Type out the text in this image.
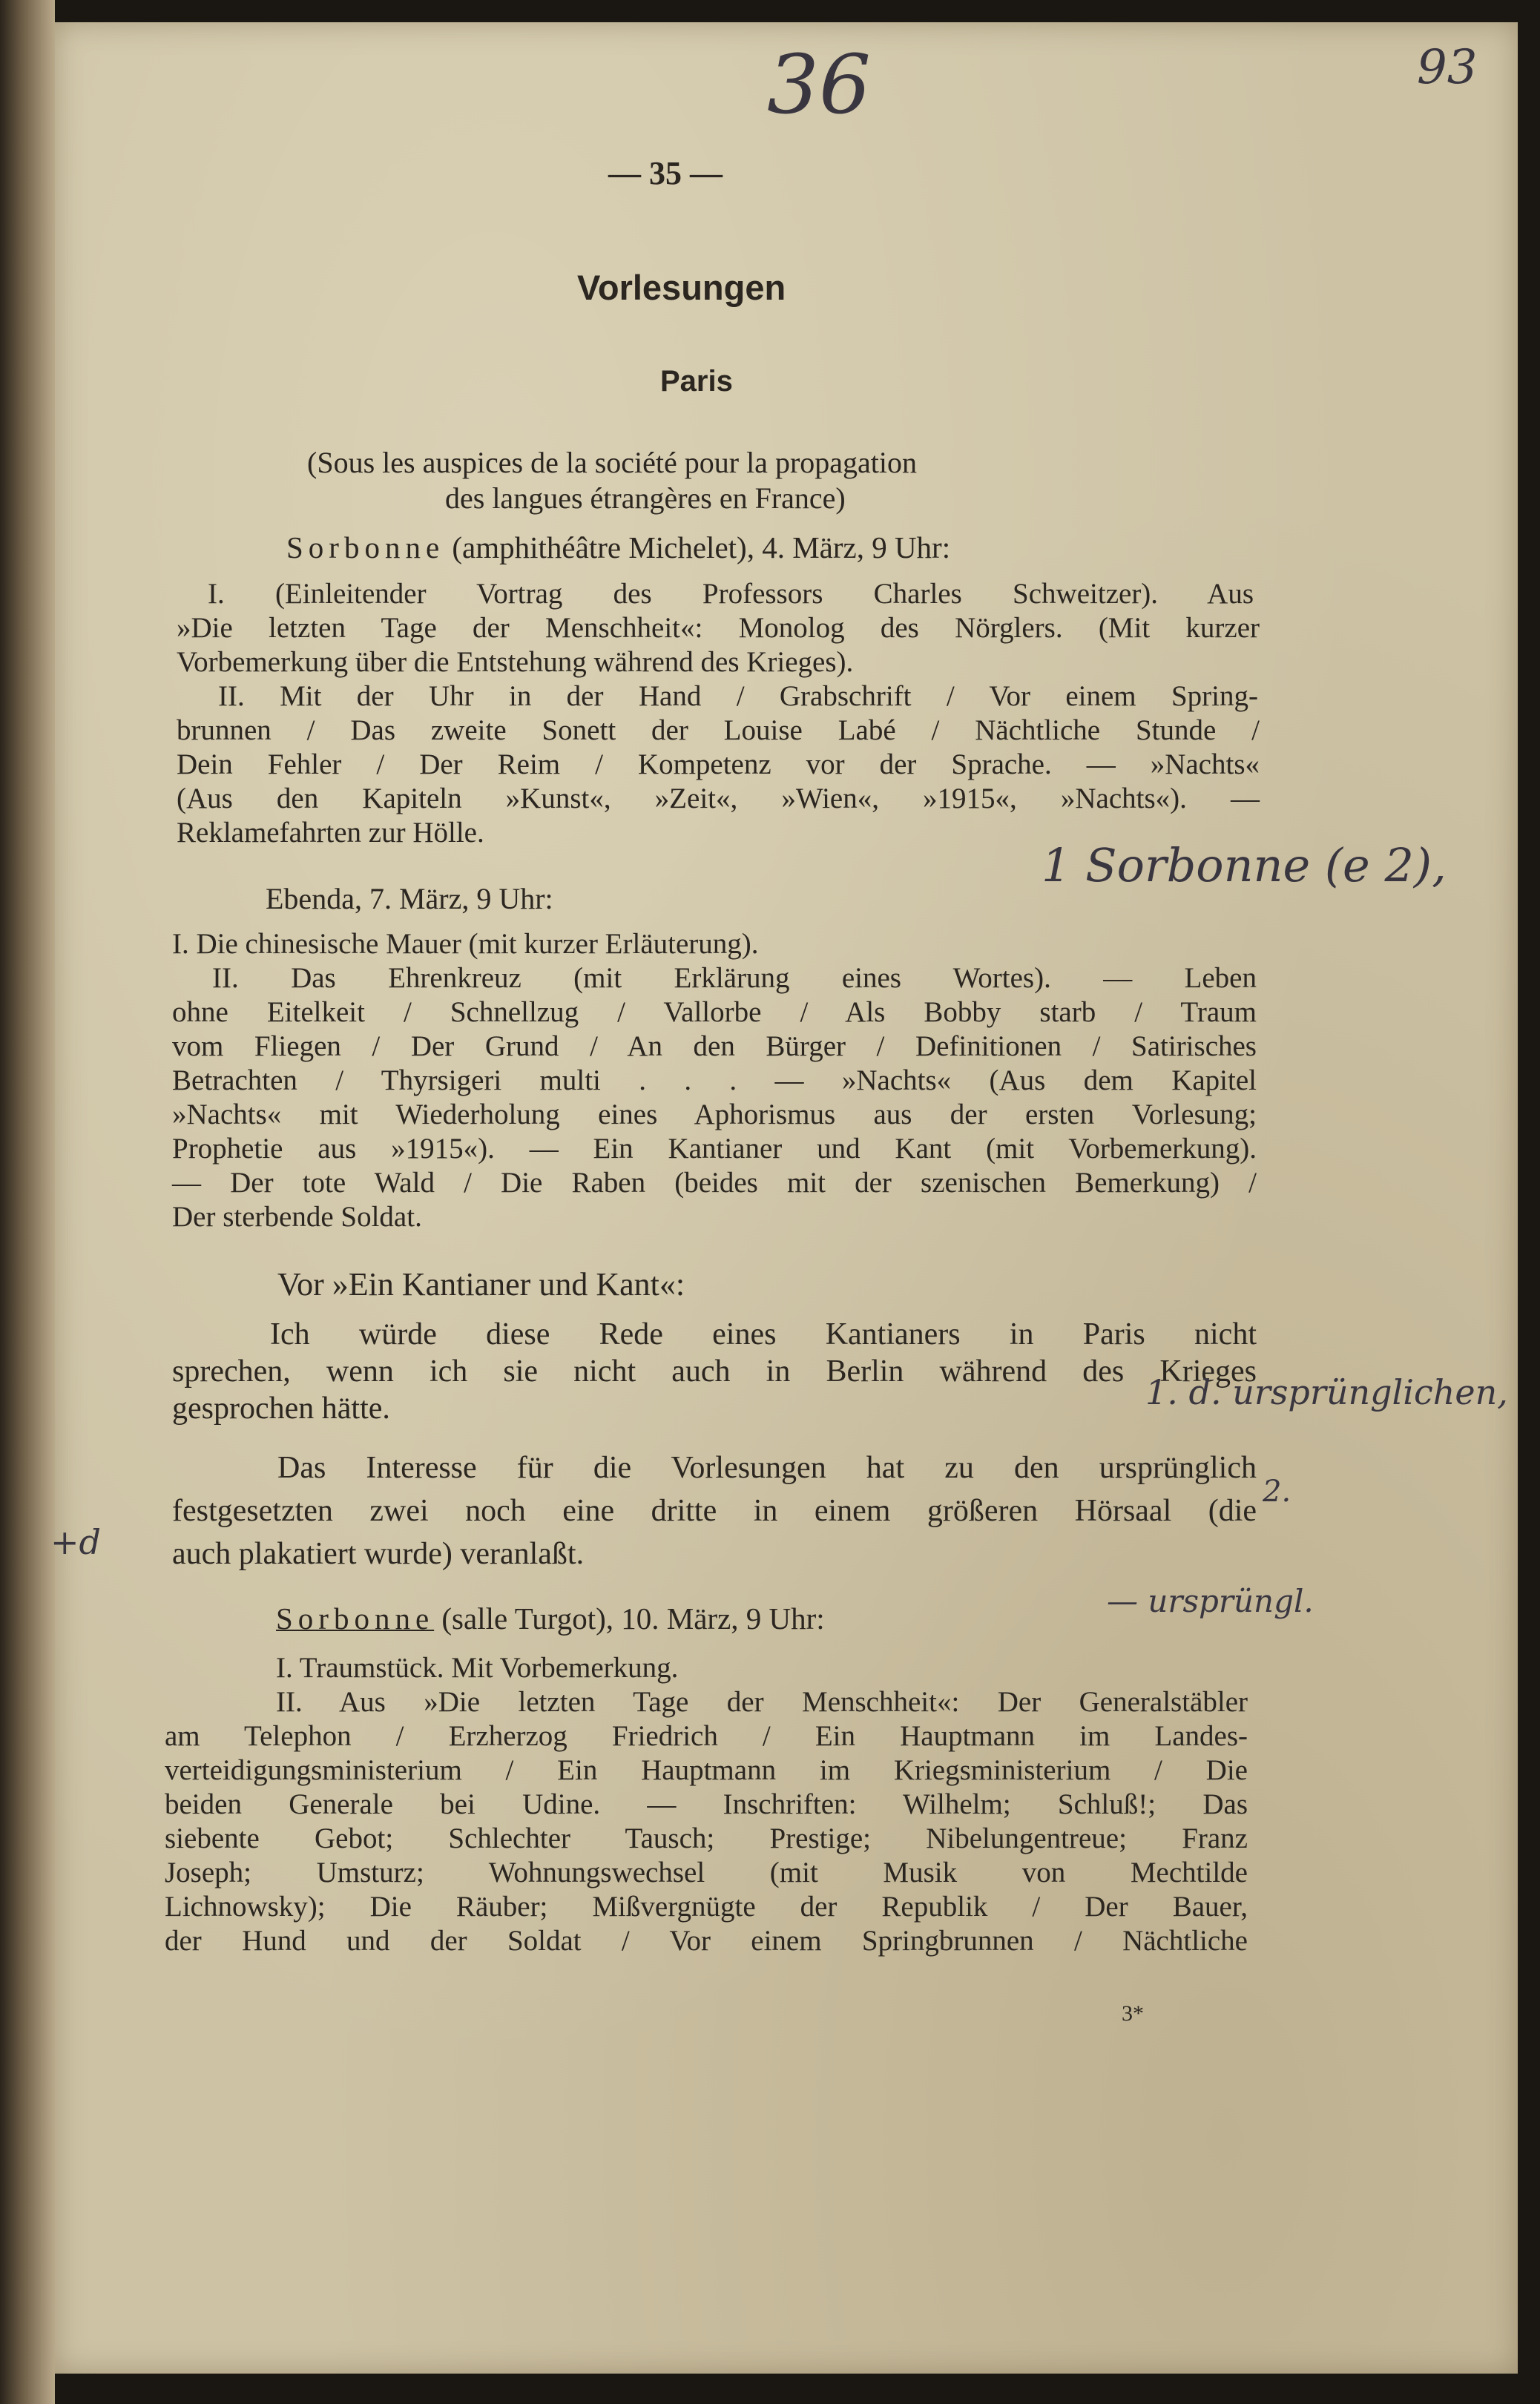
93
36
— 35 —
Vorlesungen
Paris
(Sous les auspices de la société pour la propagation
des langues étrangères en France)
Sorbonne (amphithéâtre Michelet), 4. März, 9 Uhr:
I. (Einleitender Vortrag des Professors Charles Schweitzer). Aus
»Die letzten Tage der Menschheit«: Monolog des Nörglers. (Mit kurzer
Vorbemerkung über die Entstehung während des Krieges).
II. Mit der Uhr in der Hand / Grabschrift / Vor einem Spring-
brunnen / Das zweite Sonett der Louise Labé / Nächtliche Stunde /
Dein Fehler / Der Reim / Kompetenz vor der Sprache. — »Nachts«
(Aus den Kapiteln »Kunst«, »Zeit«, »Wien«, »1915«, »Nachts«). —
Reklamefahrten zur Hölle.
Ebenda, 7. März, 9 Uhr:
1 Sorbonne (e 2),
I. Die chinesische Mauer (mit kurzer Erläuterung).
II. Das Ehrenkreuz (mit Erklärung eines Wortes). — Leben
ohne Eitelkeit / Schnellzug / Vallorbe / Als Bobby starb / Traum
vom Fliegen / Der Grund / An den Bürger / Definitionen / Satirisches
Betrachten / Thyrsigeri multi . . . — »Nachts« (Aus dem Kapitel
»Nachts« mit Wiederholung eines Aphorismus aus der ersten Vorlesung;
Prophetie aus »1915«). — Ein Kantianer und Kant (mit Vorbemerkung).
— Der tote Wald / Die Raben (beides mit der szenischen Bemerkung) /
Der sterbende Soldat.
Vor »Ein Kantianer und Kant«:
Ich würde diese Rede eines Kantianers in Paris nicht
sprechen, wenn ich sie nicht auch in Berlin während des Krieges
gesprochen hätte.	1. d. ursprünglichen,
Das Interesse für die Vorlesungen hat zu den ursprünglich
festgesetzten zwei noch eine dritte in einem größeren Hörsaal (die
auch plakatiert wurde) veranlaßt.
2.
+d
Sorbonne (salle Turgot), 10. März, 9 Uhr:	— ursprüngl.
I. Traumstück. Mit Vorbemerkung.
II. Aus »Die letzten Tage der Menschheit«: Der Generalstäbler
am Telephon / Erzherzog Friedrich / Ein Hauptmann im Landes-
verteidigungsministerium / Ein Hauptmann im Kriegsministerium / Die
beiden Generale bei Udine. — Inschriften: Wilhelm; Schluß!; Das
siebente Gebot; Schlechter Tausch; Prestige; Nibelungentreue; Franz
Joseph; Umsturz; Wohnungswechsel (mit Musik von Mechtilde
Lichnowsky); Die Räuber; Mißvergnügte der Republik / Der Bauer,
der Hund und der Soldat / Vor einem Springbrunnen / Nächtliche
3*
